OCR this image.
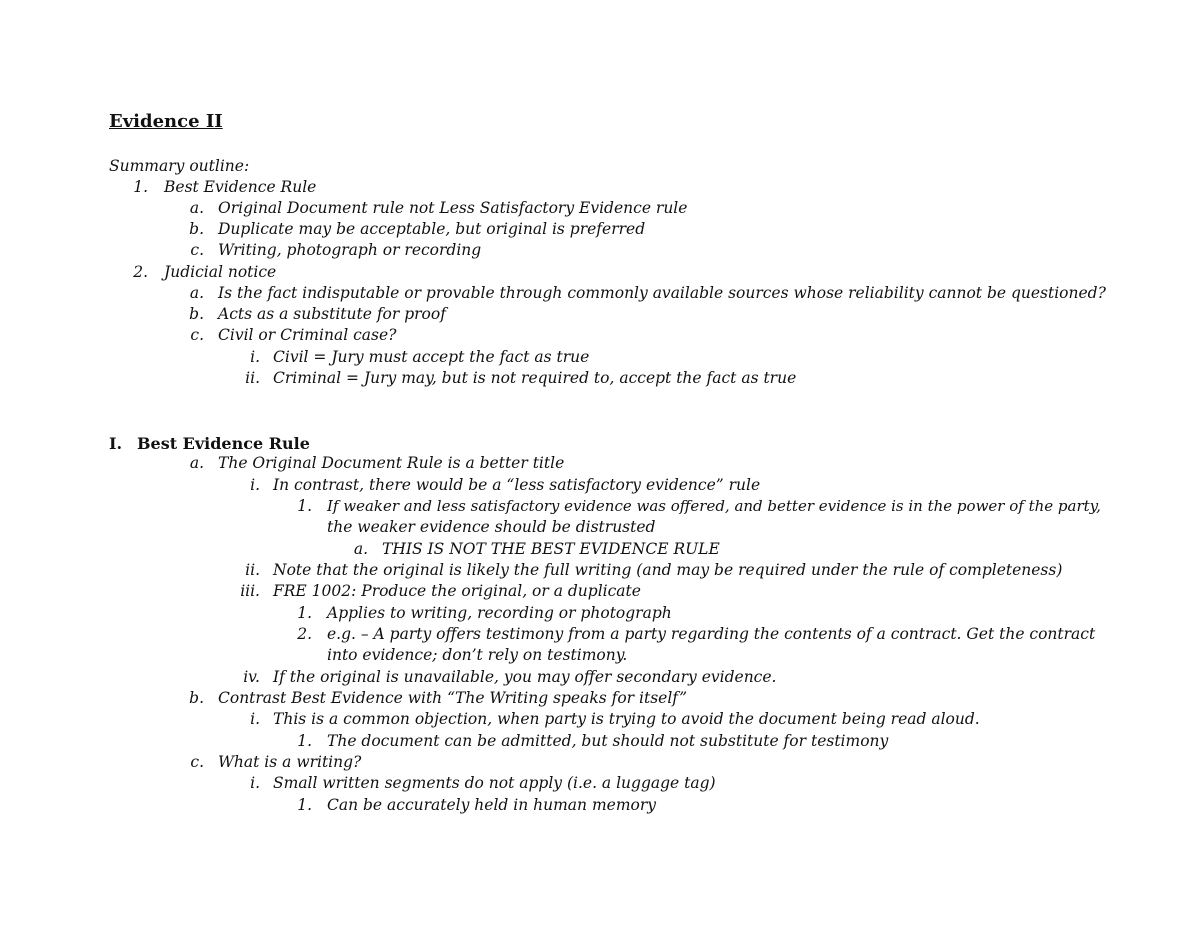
Evidence II
Summary outline:
1. Best Evidence Rule
a. Original Document rule not Less Satisfactory Evidence rule
b. Duplicate may be acceptable, but original is preferred
c. Writing, photograph or recording
2. Judicial notice
a. Is the fact indisputable or provable through commonly available sources whose reliability cannot be questioned?
b. Acts as a substitute for proof
c. Civil or Criminal case?
i. Civil = Jury must accept the fact as true
ii. Criminal = Jury may, but is not required to, accept the fact as true
I. Best Evidence Rule
a. The Original Document Rule is a better title
i. In contrast, there would be a “less satisfactory evidence” rule
1. If weaker and less satisfactory evidence was offered, and better evidence is in the power of the party,
the weaker evidence should be distrusted
a. THIS IS NOT THE BEST EVIDENCE RULE
ii. Note that the original is likely the full writing (and may be required under the rule of completeness)
iii. FRE 1002: Produce the original, or a duplicate
1. Applies to writing, recording or photograph
2. e.g. – A party offers testimony from a party regarding the contents of a contract. Get the contract
into evidence; don’t rely on testimony.
iv. If the original is unavailable, you may offer secondary evidence.
b. Contrast Best Evidence with “The Writing speaks for itself”
i. This is a common objection, when party is trying to avoid the document being read aloud.
1. The document can be admitted, but should not substitute for testimony
c. What is a writing?
i. Small written segments do not apply (i.e. a luggage tag)
1. Can be accurately held in human memory
